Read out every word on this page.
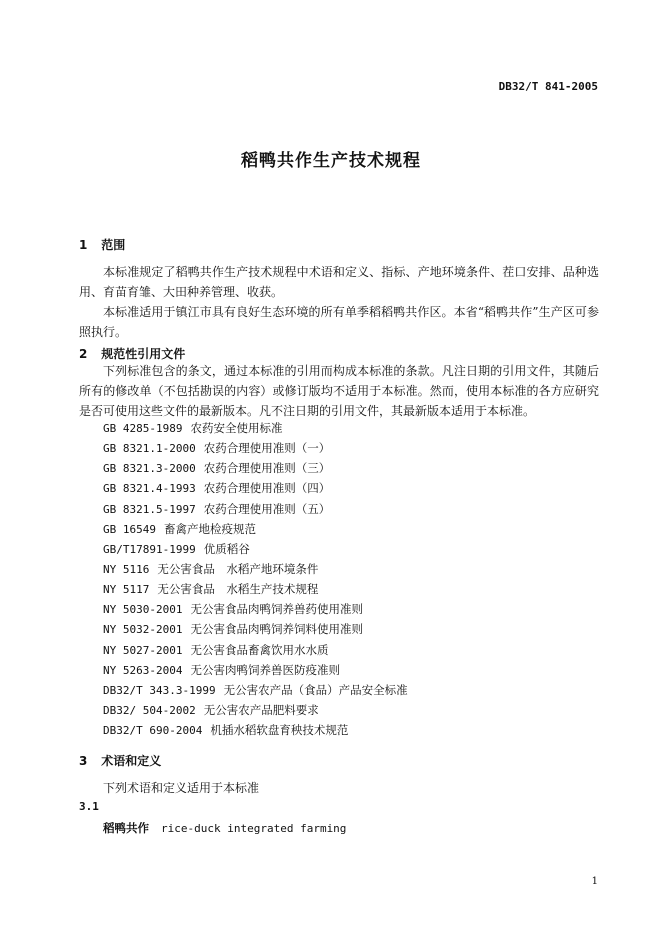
DB32/T 841-2005
稻鸭共作生产技术规程
1 范围
本标准规定了稻鸭共作生产技术规程中术语和定义、指标、产地环境条件、茬口安排、品种选用、育苗育雏、大田种养管理、收获。
本标准适用于镇江市具有良好生态环境的所有单季稻稻鸭共作区。本省“稻鸭共作”生产区可参照执行。
2 规范性引用文件
下列标准包含的条文，通过本标准的引用而构成本标准的条款。凡注日期的引用文件，其随后所有的修改单（不包括勘误的内容）或修订版均不适用于本标准。然而，使用本标准的各方应研究是否可使用这些文件的最新版本。凡不注日期的引用文件，其最新版本适用于本标准。
GB 4285-1989 农药安全使用标准
GB 8321.1-2000 农药合理使用准则（一）
GB 8321.3-2000 农药合理使用准则（三）
GB 8321.4-1993 农药合理使用准则（四）
GB 8321.5-1997 农药合理使用准则（五）
GB 16549 畜禽产地检疫规范
GB/T17891-1999 优质稻谷
NY 5116 无公害食品　水稻产地环境条件
NY 5117 无公害食品　水稻生产技术规程
NY 5030-2001 无公害食品肉鸭饲养兽药使用准则
NY 5032-2001 无公害食品肉鸭饲养饲料使用准则
NY 5027-2001 无公害食品畜禽饮用水水质
NY 5263-2004 无公害肉鸭饲养兽医防疫准则
DB32/T 343.3-1999 无公害农产品（食品）产品安全标准
DB32/ 504-2002 无公害农产品肥料要求
DB32/T 690-2004 机插水稻软盘育秧技术规范
3 术语和定义
下列术语和定义适用于本标准
3.1
稻鸭共作 rice-duck integrated farming
1
